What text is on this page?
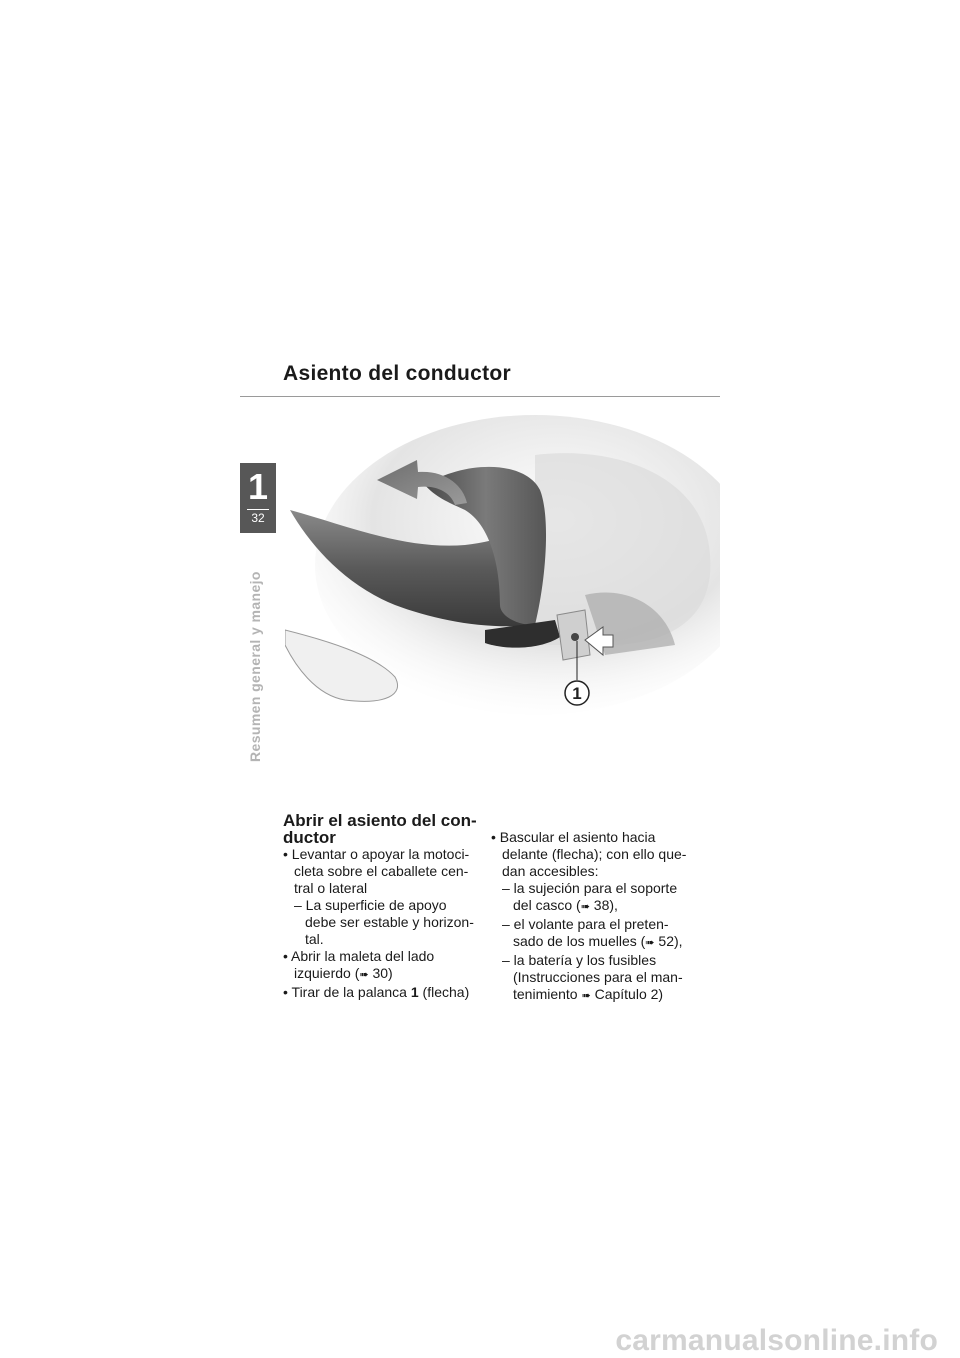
Asiento del conductor
1
32
Resumen general y manejo	1
Abrir el asiento del con-
ductor
• Levantar o apoyar la motoci-
cleta sobre el caballete cen-
tral o lateral
– La superficie de apoyo
debe ser estable y horizon-
tal.
• Abrir la maleta del lado
izquierdo (➠ 30)
• Tirar de la palanca 1 (flecha)
• Bascular el asiento hacia
delante (flecha); con ello que-
dan accesibles:
– la sujeción para el soporte
del casco (➠ 38),
– el volante para el preten-
sado de los muelles (➠ 52),
– la batería y los fusibles
(Instrucciones para el man-
tenimiento ➠ Capítulo 2)
carmanualsonline.info
